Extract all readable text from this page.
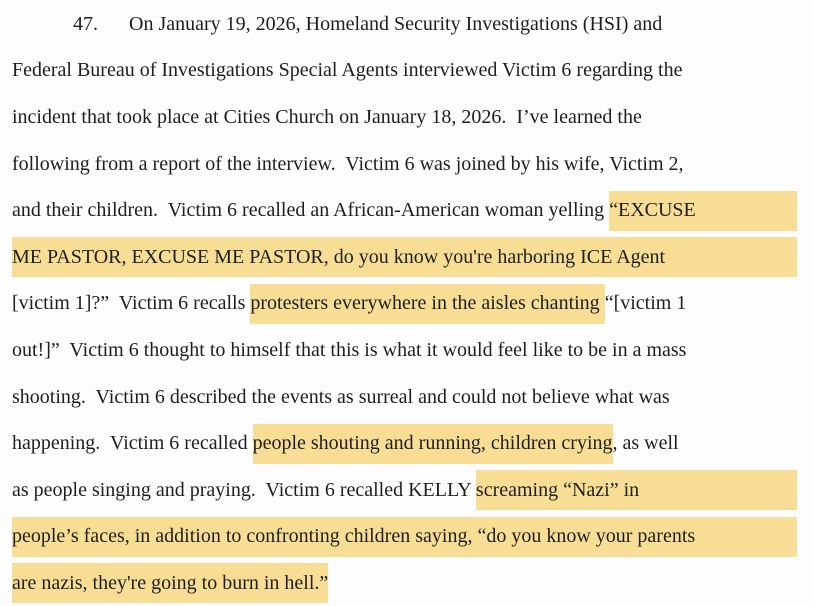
47. On January 19, 2026, Homeland Security Investigations (HSI) and
Federal Bureau of Investigations Special Agents interviewed Victim 6 regarding the
incident that took place at Cities Church on January 18, 2026.  I’ve learned the
following from a report of the interview.  Victim 6 was joined by his wife, Victim 2,
and their children.  Victim 6 recalled an African-American woman yelling “EXCUSE
ME PASTOR, EXCUSE ME PASTOR, do you know you're harboring ICE Agent
[victim 1]?”  Victim 6 recalls protesters everywhere in the aisles chanting “[victim 1
out!]”  Victim 6 thought to himself that this is what it would feel like to be in a mass
shooting.  Victim 6 described the events as surreal and could not believe what was
happening.  Victim 6 recalled people shouting and running, children crying , as well
as people singing and praying.  Victim 6 recalled KELLY screaming “Nazi” in
people’s faces, in addition to confronting children saying, “do you know your parents
are nazis, they're going to burn in hell.”
